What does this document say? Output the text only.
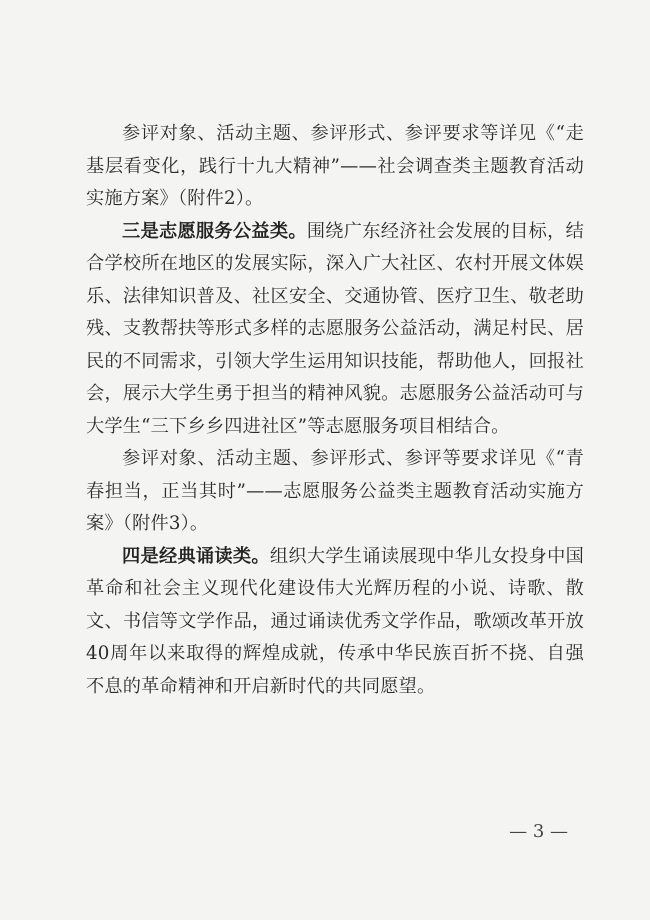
参评对象、活动主题、参评形式、参评要求等详见《“走基层看变化，践行十九大精神”——社会调查类主题教育活动实施方案》（附件2）。

三是志愿服务公益类。围绕广东经济社会发展的目标，结合学校所在地区的发展实际，深入广大社区、农村开展文体娱乐、法律知识普及、社区安全、交通协管、医疗卫生、敬老助残、支教帮扶等形式多样的志愿服务公益活动，满足村民、居民的不同需求，引领大学生运用知识技能，帮助他人，回报社会，展示大学生勇于担当的精神风貌。志愿服务公益活动可与大学生“三下乡乡四进社区”等志愿服务项目相结合。

参评对象、活动主题、参评形式、参评等要求详见《“青春担当，正当其时”——志愿服务公益类主题教育活动实施方案》（附件3）。

四是经典诵读类。组织大学生诵读展现中华儿女投身中国革命和社会主义现代化建设伟大光辉历程的小说、诗歌、散文、书信等文学作品，通过诵读优秀文学作品，歌颂改革开放40周年以来取得的辉煌成就，传承中华民族百折不挠、自强不息的革命精神和开启新时代的共同愿望。

— 3 —
